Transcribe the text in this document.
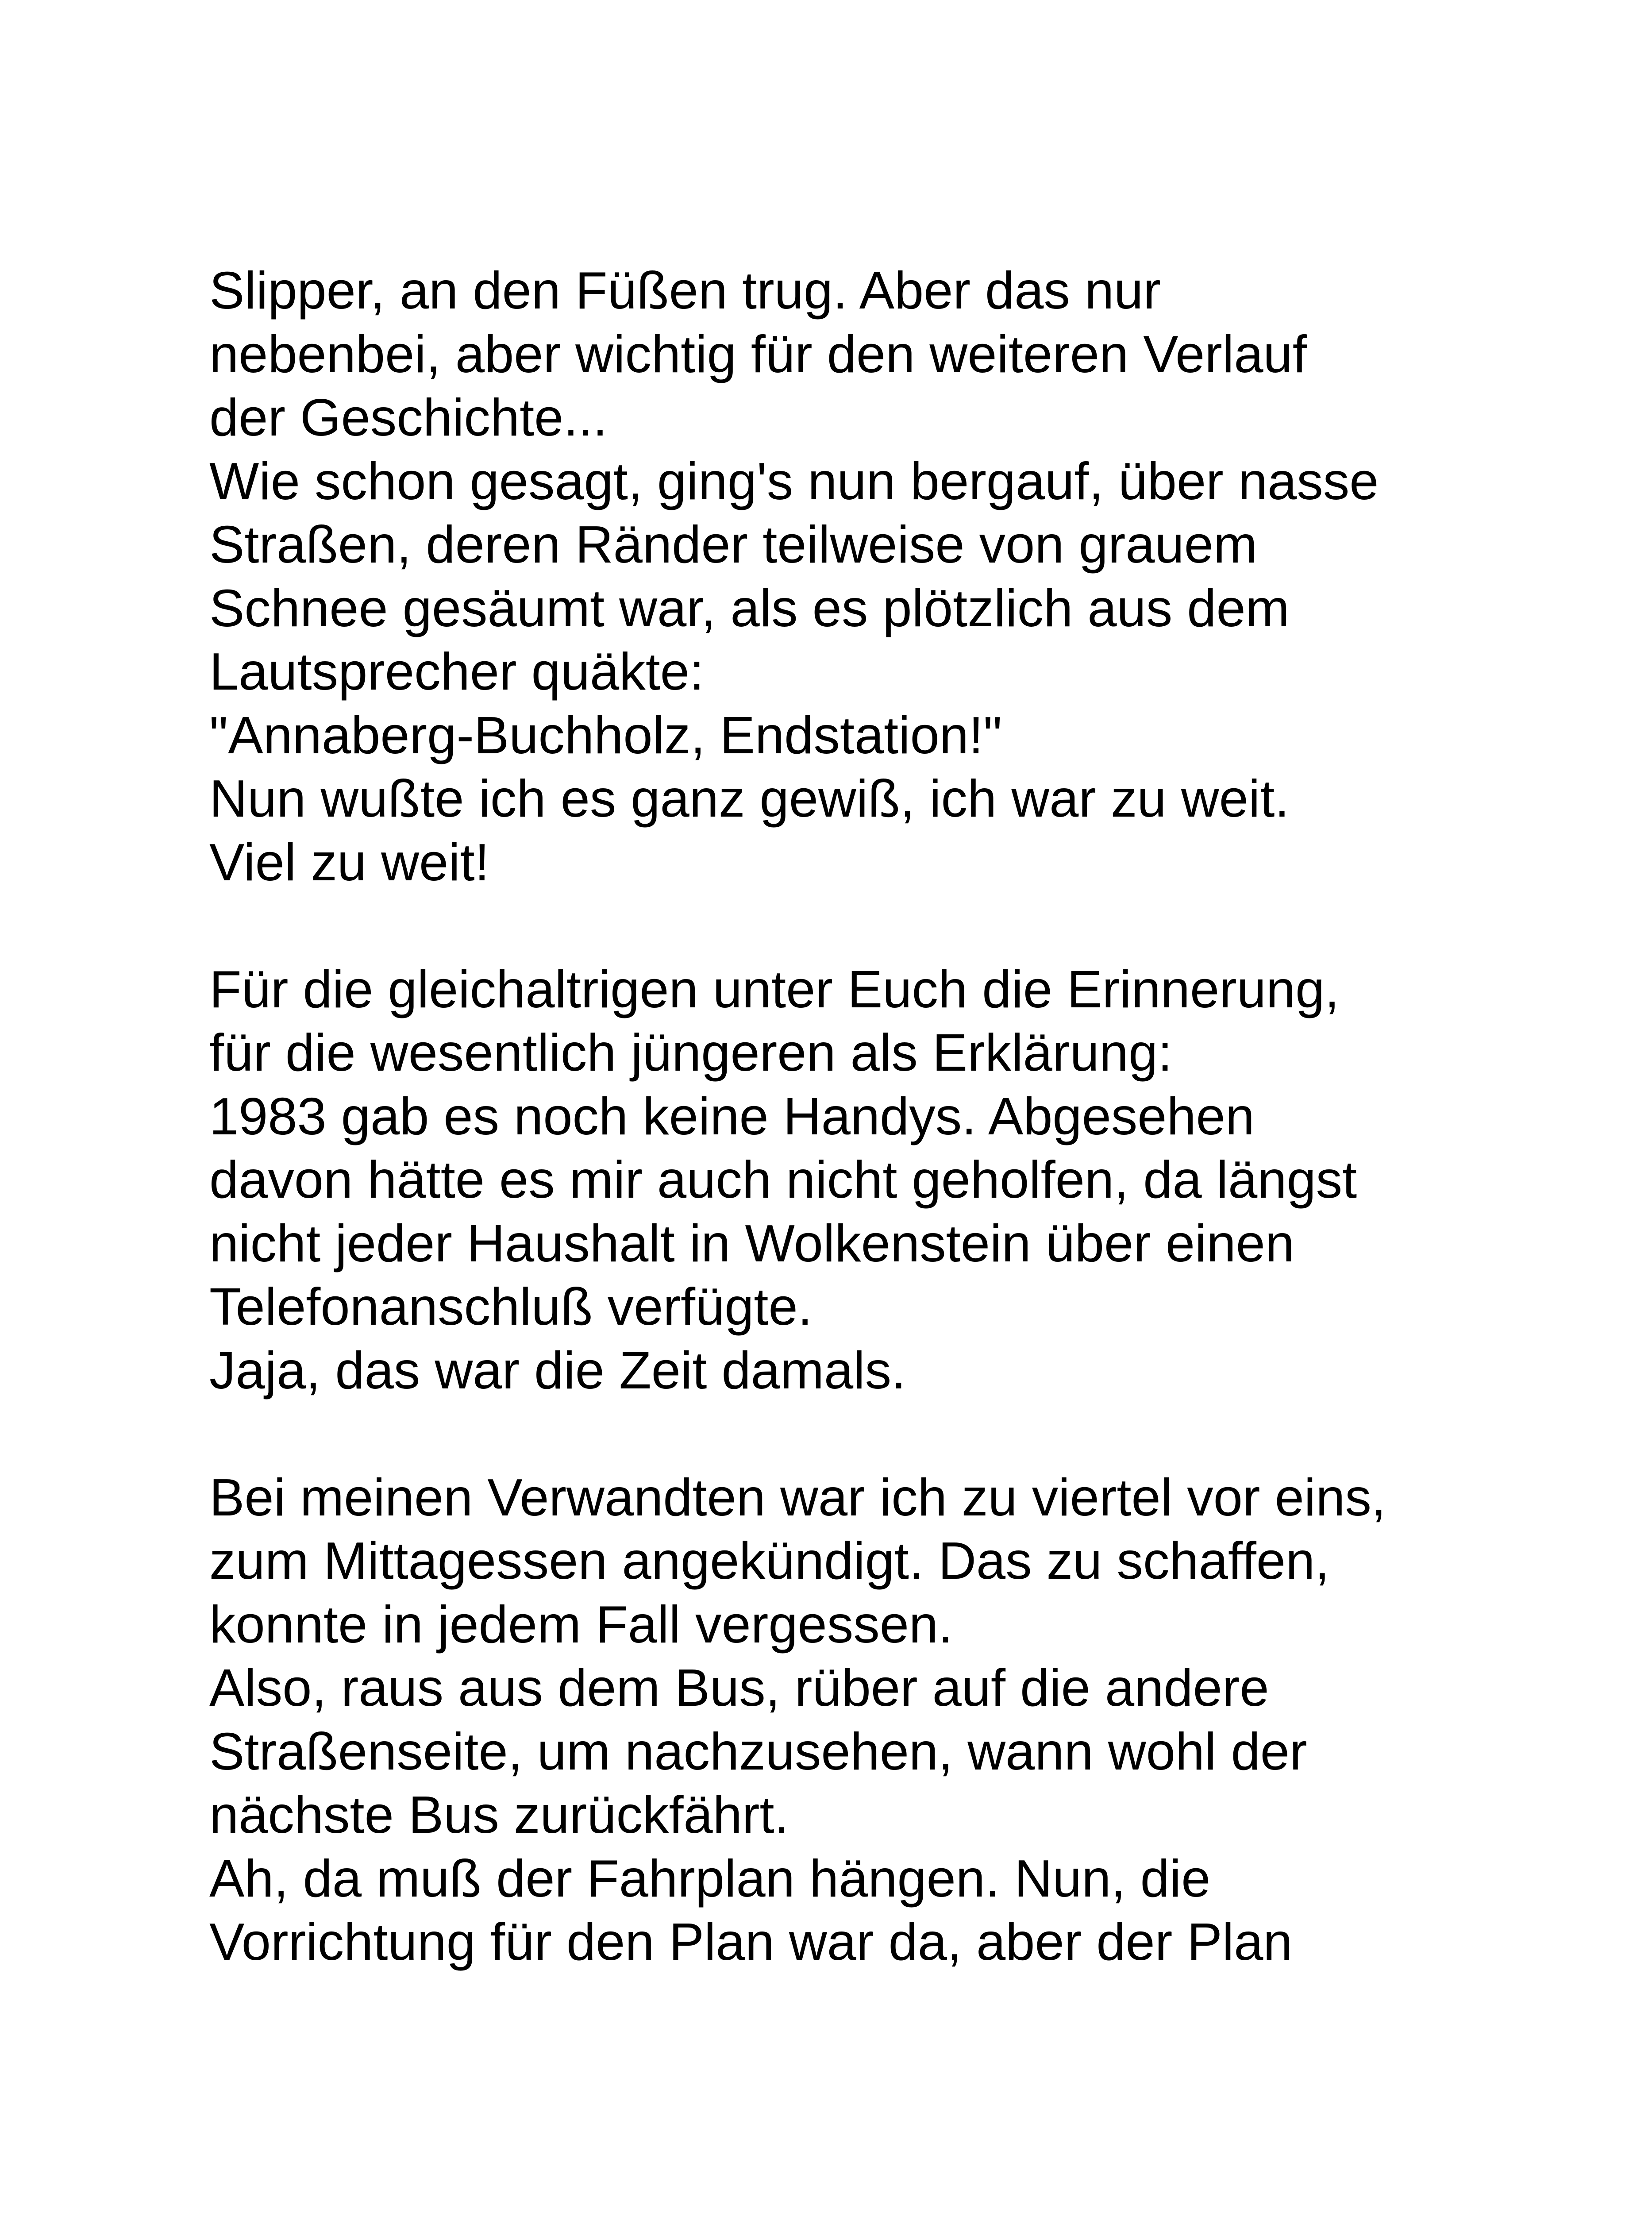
Slipper, an den Füßen trug. Aber das nur
nebenbei, aber wichtig für den weiteren Verlauf
der Geschichte...
Wie schon gesagt, ging's nun bergauf, über nasse
Straßen, deren Ränder teilweise von grauem
Schnee gesäumt war, als es plötzlich aus dem
Lautsprecher quäkte:
"Annaberg-Buchholz, Endstation!"
Nun wußte ich es ganz gewiß, ich war zu weit.
Viel zu weit!
Für die gleichaltrigen unter Euch die Erinnerung,
für die wesentlich jüngeren als Erklärung:
1983 gab es noch keine Handys. Abgesehen
davon hätte es mir auch nicht geholfen, da längst
nicht jeder Haushalt in Wolkenstein über einen
Telefonanschluß verfügte.
Jaja, das war die Zeit damals.
Bei meinen Verwandten war ich zu viertel vor eins,
zum Mittagessen angekündigt. Das zu schaffen,
konnte in jedem Fall vergessen.
Also, raus aus dem Bus, rüber auf die andere
Straßenseite, um nachzusehen, wann wohl der
nächste Bus zurückfährt.
Ah, da muß der Fahrplan hängen. Nun, die
Vorrichtung für den Plan war da, aber der Plan
